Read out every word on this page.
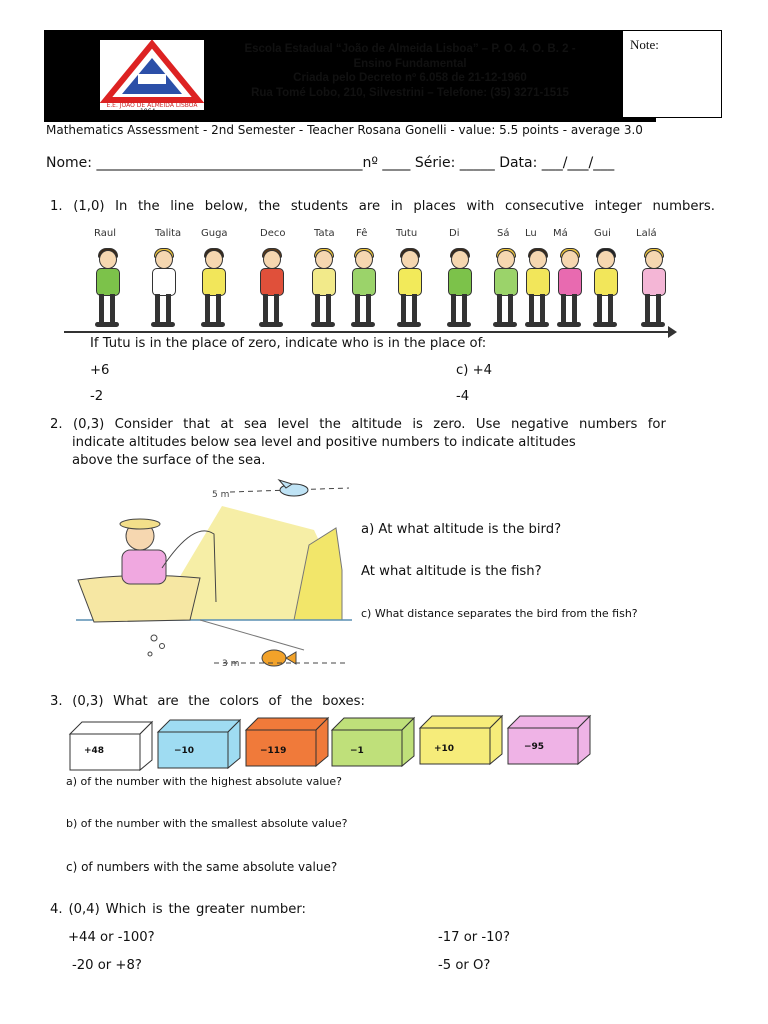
E.E. JOÃO DE ALMEIDA LISBOA
1964
Escola Estadual “João de Almeida Lisboa” – P. O. 4. O. B. 2 -
Ensino Fundamental
Criada pelo Decreto nº 6.058 de 21-12-1960
Rua Tomé Lobo, 210, Silvestrini – Telefone: (35) 3271-1515
Note:
Mathematics Assessment - 2nd Semester - Teacher Rosana Gonelli - value: 5.5 points - average 3.0
Nome: ______________________________________nº ____ Série: _____ Data: ___/___/___
1. (1,0) In the line below, the students are in places with consecutive integer numbers.
Raul	Talita Guga	Deco	Tata Fê	Tutu	Di	Sá Lu Má	Gui	Lalá
If Tutu is in the place of zero, indicate who is in the place of:
+6	c) +4
-2	-4
2. (0,3) Consider that at sea level the altitude is zero. Use negative numbers for
indicate altitudes below sea level and positive numbers to indicate altitudes
above the surface of the sea.
5 m
3 m
a) At what altitude is the bird?
At what altitude is the fish?
c) What distance separates the bird from the fish?
3. (0,3) What are the colors of the boxes:
+48	−10	−119	−1	+10	−95
a) of the number with the highest absolute value?
b) of the number with the smallest absolute value?
c) of numbers with the same absolute value?
4. (0,4) Which is the greater number:
+44 or -100?	-17 or -10?
-20 or +8?	-5 or O?
